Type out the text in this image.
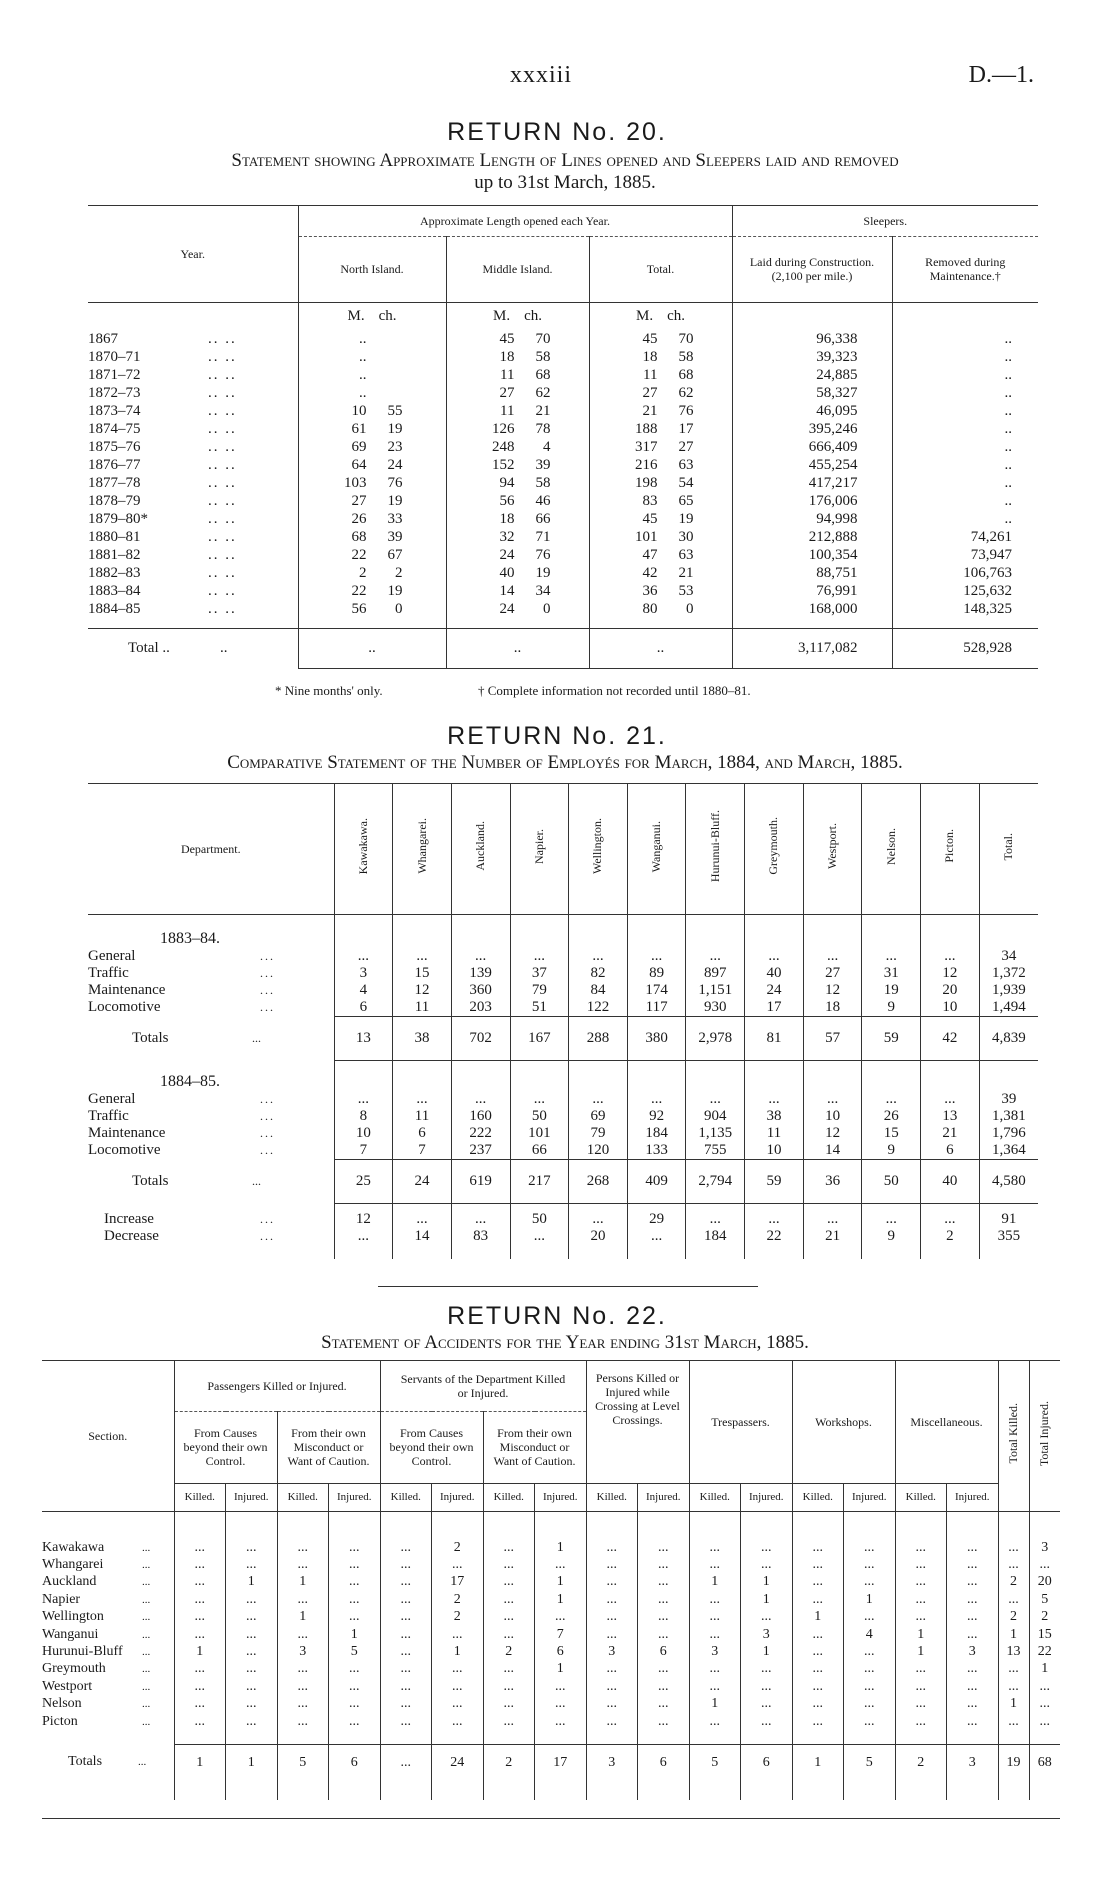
xxxiii	D.—1.
RETURN No. 20.
Statement showing Approximate Length of Lines opened and Sleepers laid and removed
up to 31st March, 1885.
Year.	Approximate Length opened each Year.			Sleepers.	
	North Island.	Middle Island.	Total.	Laid during Construction. (2,100 per mile.)	Removed during Maintenance.†
	M. ch.	M. ch.	M. ch.		
1867 .. ..	..	45 70	45 70	96,338	..
1870–71 .. ..	..	18 58	18 58	39,323	..
1871–72 .. ..	..	11 68	11 68	24,885	..
1872–73 .. ..	..	27 62	27 62	58,327	..
1873–74 .. ..	10 55	11 21	21 76	46,095	..
1874–75 .. ..	61 19	126 78	188 17	395,246	..
1875–76 .. ..	69 23	248 4	317 27	666,409	..
1876–77 .. ..	64 24	152 39	216 63	455,254	..
1877–78 .. ..	103 76	94 58	198 54	417,217	..
1878–79 .. ..	27 19	56 46	83 65	176,006	..
1879–80* .. ..	26 33	18 66	45 19	94,998	..
1880–81 .. ..	68 39	32 71	101 30	212,888	74,261
1881–82 .. ..	22 67	24 76	47 63	100,354	73,947
1882–83 .. ..	2 2	40 19	42 21	88,751	106,763
1883–84 .. ..	22 19	14 34	36 53	76,991	125,632
1884–85 .. ..	56 0	24 0	80 0	168,000	148,325

Total .. ..	..	..	..	3,117,082	528,928
* Nine months' only.	† Complete information not recorded until 1880–81.
RETURN No. 21.
Comparative Statement of the Number of Employés for March, 1884, and March, 1885.
Department.	Kawakawa.	Whangarei.	Auckland.	Napier.	Wellington.	Wanganui.	Hurunui-Bluff.	Greymouth.	Westport.	Nelson.	Picton.	Total.
1883–84.												
General ...	...	...	...	...	...	...	...	...	...	...	...	34
Traffic ...	3	15	139	37	82	89	897	40	27	31	12	1,372
Maintenance ...	4	12	360	79	84	174	1,151	24	12	19	20	1,939
Locomotive ...	6	11	203	51	122	117	930	17	18	9	10	1,494
Totals ...	13	38	702	167	288	380	2,978	81	57	59	42	4,839
1884–85.												
General ...	...	...	...	...	...	...	...	...	...	...	...	39
Traffic ...	8	11	160	50	69	92	904	38	10	26	13	1,381
Maintenance ...	10	6	222	101	79	184	1,135	11	12	15	21	1,796
Locomotive ...	7	7	237	66	120	133	755	10	14	9	6	1,364
Totals ...	25	24	619	217	268	409	2,794	59	36	50	40	4,580

Increase ...	12	...	...	50	...	29	...	...	...	...	...	91
Decrease ...	...	14	83	...	20	...	184	22	21	9	2	355

RETURN No. 22.
Statement of Accidents for the Year ending 31st March, 1885.
Section.	Passengers Killed or Injured.				Servants of the Department Killed or Injured.				Persons Killed or Injured while Crossing at Level Crossings.		Trespassers.		Workshops.		Miscellaneous.		Total Killed.	Total Injured.
	From Causes beyond their own Control.		From their own Misconduct or Want of Caution.		From Causes beyond their own Control.		From their own Misconduct or Want of Caution.											
	Killed.	Injured.	Killed.	Injured.	Killed.	Injured.	Killed.	Injured.	Killed.	Injured.	Killed.	Injured.	Killed.	Injured.	Killed.	Injured.		

Kawakawa ...	...	...	...	...	...	2	...	1	...	...	...	...	...	...	...	...	...	3
Whangarei ...	...	...	...	...	...	...	...	...	...	...	...	...	...	...	...	...	...	...
Auckland ...	...	1	1	...	...	17	...	1	...	...	1	1	...	...	...	...	2	20
Napier ...	...	...	...	...	...	2	...	1	...	...	...	1	...	1	...	...	...	5
Wellington ...	...	...	1	...	...	2	...	...	...	...	...	...	1	...	...	...	2	2
Wanganui ...	...	...	...	1	...	...	...	7	...	...	...	3	...	4	1	...	1	15
Hurunui-Bluff ...	1	...	3	5	...	1	2	6	3	6	3	1	...	...	1	3	13	22
Greymouth ...	...	...	...	...	...	...	...	1	...	...	...	...	...	...	...	...	...	1
Westport ...	...	...	...	...	...	...	...	...	...	...	...	...	...	...	...	...	...	...
Nelson ...	...	...	...	...	...	...	...	...	...	...	1	...	...	...	...	...	1	...
Picton ...	...	...	...	...	...	...	...	...	...	...	...	...	...	...	...	...	...	...

Totals ...	1	1	5	6	...	24	2	17	3	6	5	6	1	5	2	3	19	68
